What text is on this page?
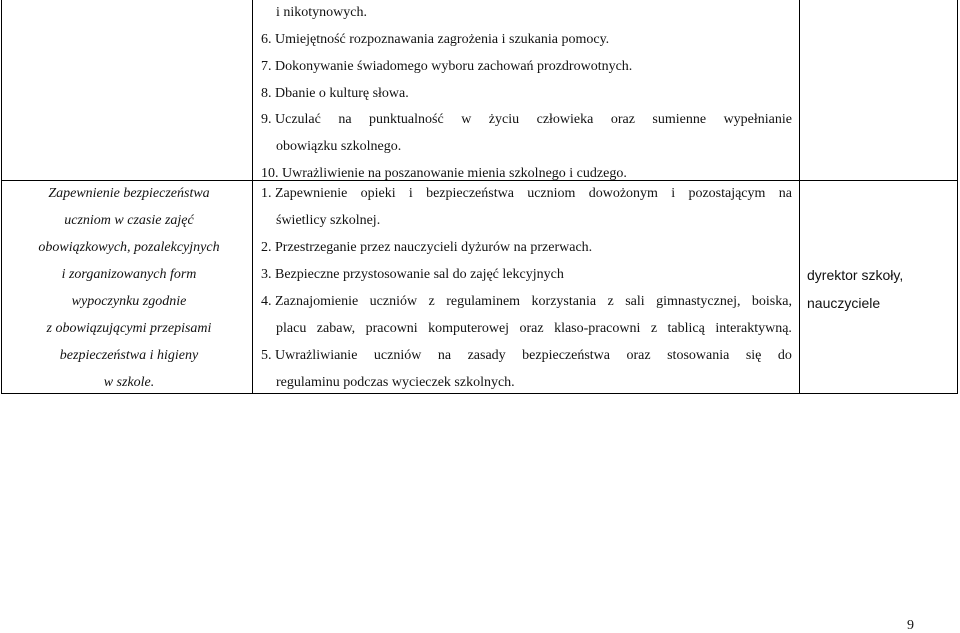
Zapewnienie bezpieczeństwa
uczniom w czasie zajęć
obowiązkowych, pozalekcyjnych
i zorganizowanych form
wypoczynku zgodnie
z obowiązującymi przepisami
bezpieczeństwa i higieny
w szkole.
i nikotynowych.
6. Umiejętność rozpoznawania zagrożenia i szukania pomocy.
7. Dokonywanie świadomego wyboru zachowań prozdrowotnych.
8. Dbanie o kulturę słowa.
9. Uczulać na punktualność w życiu człowieka oraz sumienne wypełnianie
obowiązku szkolnego.
10. Uwrażliwienie na poszanowanie mienia szkolnego i cudzego.
1. Zapewnienie opieki i bezpieczeństwa uczniom dowożonym i pozostającym na
świetlicy szkolnej.
2. Przestrzeganie przez nauczycieli dyżurów na przerwach.
3. Bezpieczne przystosowanie sal do zajęć lekcyjnych
4. Zaznajomienie uczniów z regulaminem korzystania z sali gimnastycznej, boiska,
placu zabaw, pracowni komputerowej oraz klaso-pracowni z tablicą interaktywną.
5. Uwrażliwianie uczniów na zasady bezpieczeństwa oraz stosowania się do
regulaminu podczas wycieczek szkolnych.
dyrektor szkoły,
nauczyciele
9
